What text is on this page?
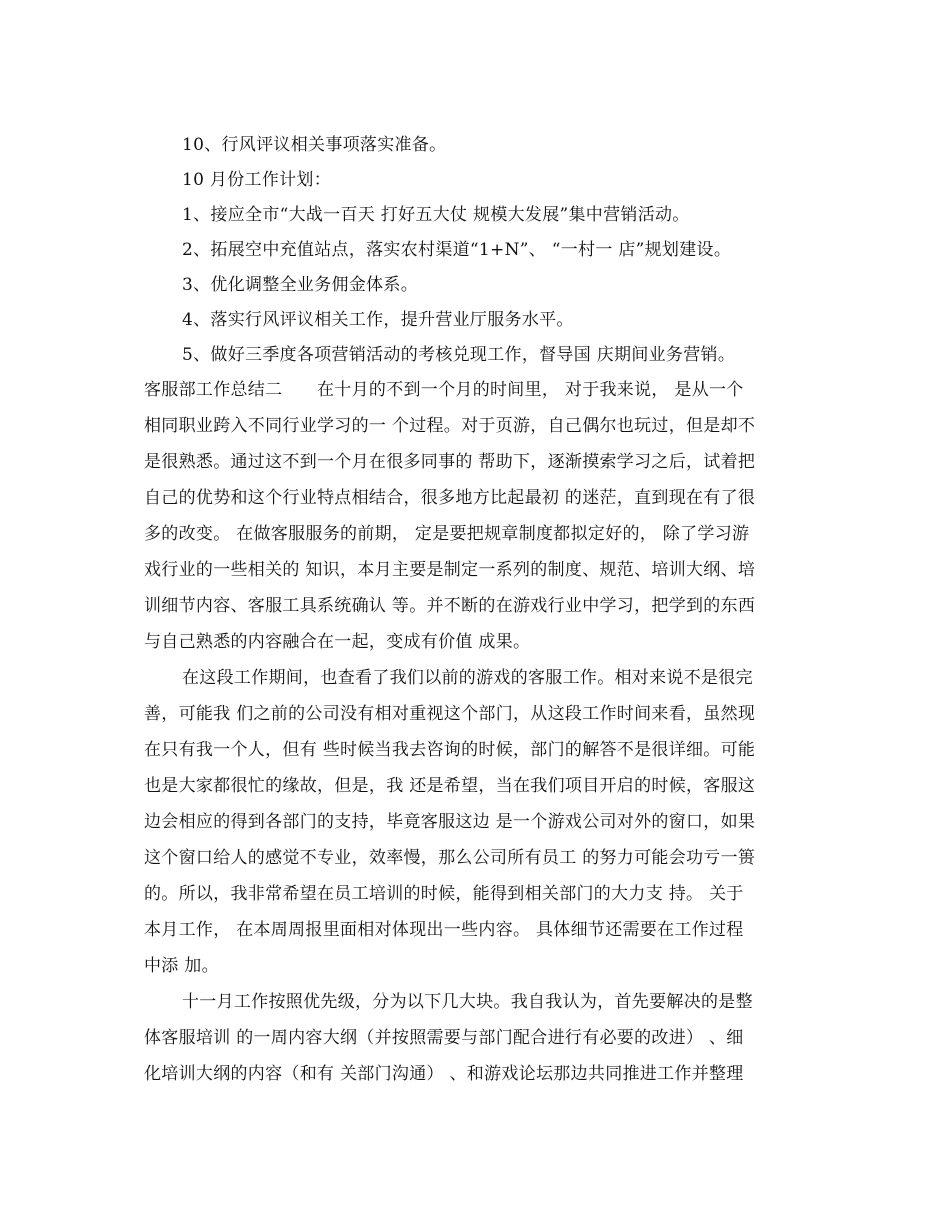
10、行风评议相关事项落实准备。
10 月份工作计划：
1、接应全市“大战一百天 打好五大仗 规模大发展”集中营销活动。
2、拓展空中充值站点，落实农村渠道“1+N”、 “一村一 店”规划建设。
3、优化调整全业务佣金体系。
4、落实行风评议相关工作，提升营业厅服务水平。
5、做好三季度各项营销活动的考核兑现工作，督导国 庆期间业务营销。
客服部工作总结二　　在十月的不到一个月的时间里， 对于我来说， 是从一个
相同职业跨入不同行业学习的一 个过程。对于页游，自己偶尔也玩过，但是却不
是很熟悉。通过这不到一个月在很多同事的 帮助下，逐渐摸索学习之后，试着把
自己的优势和这个行业特点相结合，很多地方比起最初 的迷茫，直到现在有了很
多的改变。 在做客服服务的前期， 定是要把规章制度都拟定好的， 除了学习游
戏行业的一些相关的 知识，本月主要是制定一系列的制度、规范、培训大纲、培
训细节内容、客服工具系统确认 等。并不断的在游戏行业中学习，把学到的东西
与自己熟悉的内容融合在一起，变成有价值 成果。
在这段工作期间，也查看了我们以前的游戏的客服工作。相对来说不是很完
善，可能我 们之前的公司没有相对重视这个部门，从这段工作时间来看，虽然现
在只有我一个人，但有 些时候当我去咨询的时候，部门的解答不是很详细。可能
也是大家都很忙的缘故，但是，我 还是希望，当在我们项目开启的时候，客服这
边会相应的得到各部门的支持，毕竟客服这边 是一个游戏公司对外的窗口，如果
这个窗口给人的感觉不专业，效率慢，那么公司所有员工 的努力可能会功亏一篑
的。所以，我非常希望在员工培训的时候，能得到相关部门的大力支 持。 关于
本月工作， 在本周周报里面相对体现出一些内容。 具体细节还需要在工作过程
中添 加。
十一月工作按照优先级，分为以下几大块。我自我认为，首先要解决的是整
体客服培训 的一周内容大纲（并按照需要与部门配合进行有必要的改进） 、细
化培训大纲的内容（和有 关部门沟通） 、和游戏论坛那边共同推进工作并整理
